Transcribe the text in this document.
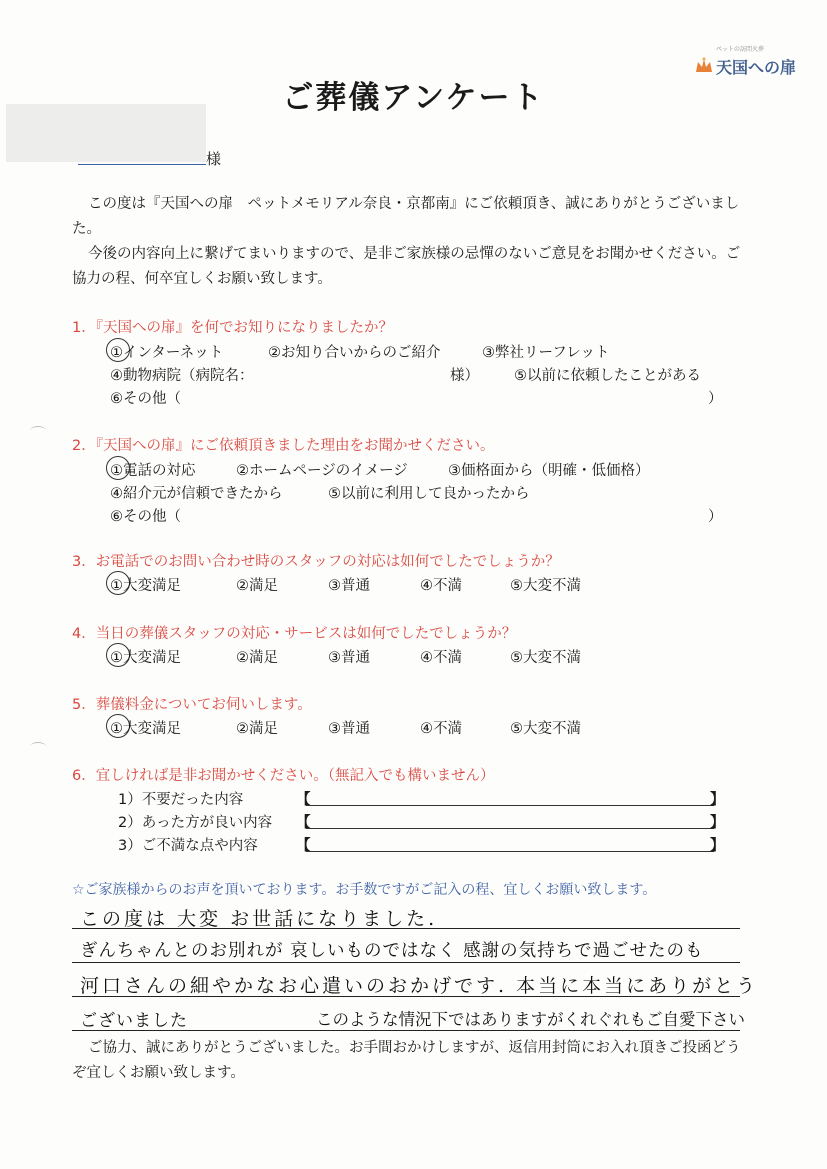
ペットの訪問火葬
天国への扉
ご葬儀アンケート
様

この度は『天国への扉　ペットメモリアル奈良・京都南』にご依頼頂き、誠にありがとうございました。

今後の内容向上に繋げてまいりますので、是非ご家族様の忌憚のないご意見をお聞かせください。ご協力の程、何卒宜しくお願い致します。

1．『天国への扉』を何でお知りになりましたか？
①インターネット	②お知り合いからのご紹介	③弊社リーフレット
④動物病院（病院名：	様） ⑤以前に依頼したことがある
⑥その他（	）
2．『天国への扉』にご依頼頂きました理由をお聞かせください。
①電話の対応	②ホームページのイメージ	③価格面から（明確・低価格）
④紹介元が信頼できたから	⑤以前に利用して良かったから
⑥その他（	）
3．お電話でのお問い合わせ時のスタッフの対応は如何でしたでしょうか？
①大変満足	②満足	③普通	④不満	⑤大変不満
4．当日の葬儀スタッフの対応・サービスは如何でしたでしょうか？
①大変満足	②満足	③普通	④不満	⑤大変不満
5．葬儀料金についてお伺いします。
①大変満足	②満足	③普通	④不満	⑤大変不満
6．宜しければ是非お聞かせください。（無記入でも構いません）
1）不要だった内容	【	】
2）あった方が良い内容 【	】
3）ご不満な点や内容	【	】
☆ご家族様からのお声を頂いております。お手数ですがご記入の程、宜しくお願い致します。
この度は 大変 お世話になりました.
ぎんちゃんとのお別れが 哀しいものではなく 感謝の気持ちで過ごせたのも
河口さんの細やかなお心遣いのおかげです. 本当に本当にありがとう
ございました	このような情況下ではありますがくれぐれもご自愛下さい

ご協力、誠にありがとうございました。お手間おかけしますが、返信用封筒にお入れ頂きご投函どうぞ宜しくお願い致します。
